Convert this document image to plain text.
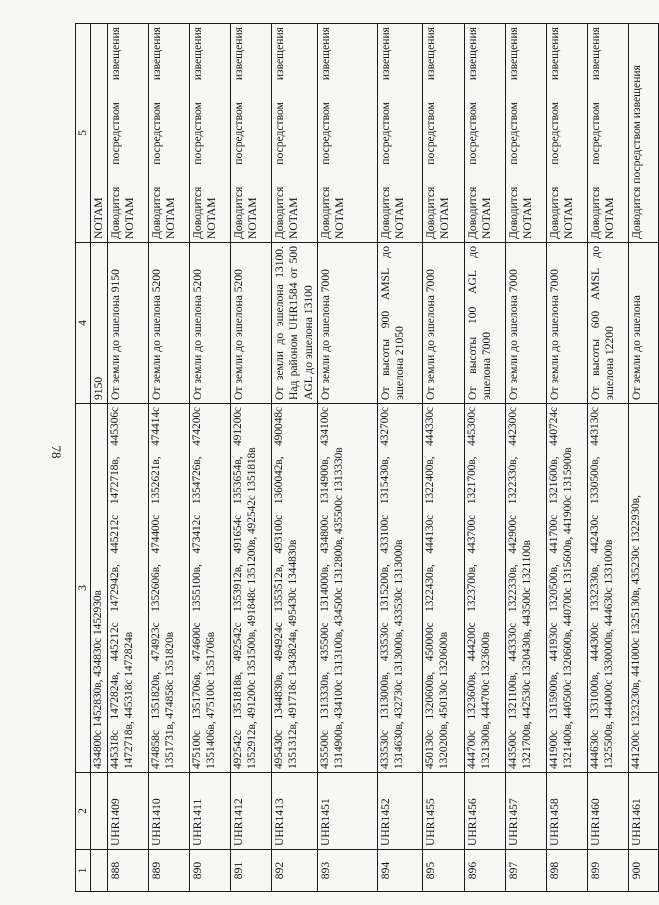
78
1	2	3	4	5
		434800с 1452830в, 434830с 1452930в	9150	NOTAM
888	UHR1409	445318с 1472824в, 445212с 1472942в, 445212с 1472718в, 445306с 1472718в, 445318с 1472824в	От земли до эшелона 9150	Доводится посредством извещения NOTAM
889	UHR1410	474858с 1351820в, 474923с 1352606в, 474400с 1352621в, 474414с 1351731в, 474858с 1351820в	От земли до эшелона 5200	Доводится посредством извещения NOTAM
890	UHR1411	475100с 1351706в, 474600с 1355100в, 473412с 1354726в, 474200с 1351406в, 475100с 1351706в	От земли до эшелона 5200	Доводится посредством извещения NOTAM
891	UHR1412	492542с 1351818в, 492542с 1353912в, 491654с 1353654в, 491200с 1352912в, 491200с 1351500в, 491848с 1351200в, 492542с 1351818в	От земли до эшелона 5200	Доводится посредством извещения NOTAM
892	UHR1413	495430с 1344830в, 494924с 1353512в, 493100с 1360042в, 490048с 1351312в, 491718с 1343824в, 495430с 1344830в	От земли до эшелона 13100. Над районом UHR1584 от 500 AGL до эшелона 13100	Доводится посредством извещения NOTAM
893	UHR1451	435500с 1313330в, 435500с 1314000в, 434800с 1314900в, 434100с 1314900в, 434100с 1313100в, 434500с 1312800в, 435500с 1313330в	От земли до эшелона 7000	Доводится посредством извещения NOTAM
894	UHR1452	433530с 1313000в, 433530с 1315200в, 433100с 1315430в, 432700с 1314630в, 432730с 1313000в, 433530с 1313000в	От высоты 900 AMSL до эшелона 21050	Доводится посредством извещения NOTAM
895	UHR1455	450130с 1320600в, 450000с 1322430в, 444130с 1322400в, 444330с 1320200в, 450130с 1320600в	От земли до эшелона 7000	Доводится посредством извещения NOTAM
896	UHR1456	444700с 1323600в, 444200с 1323700в, 443700с 1321700в, 445300с 1321300в, 444700с 1323600в	От высоты 100 AGL до эшелона 7000	Доводится посредством извещения NOTAM
897	UHR1457	443500с 1321100в, 443330с 1322330в, 442900с 1322330в, 442300с 1321700в, 442530с 1320430в, 443500с 1321100в	От земли до эшелона 7000	Доводится посредством извещения NOTAM
898	UHR1458	441900с 1315900в, 441930с 1320500в, 441700с 1321600в, 440724с 1321400в, 440500с 1320600в, 440700с 1315600в, 441900с 1315900в	От земли до эшелона 7000	Доводится посредством извещения NOTAM
899	UHR1460	444630с 1331000в, 444300с 1332330в, 442430с 1330500в, 443130с 1325500в, 444000с 1330000в, 444630с 1331000в	От высоты 600 AMSL до эшелона 12200	Доводится посредством извещения NOTAM
900	UHR1461	441200с 1323230в, 441000с 1325130в, 435230с 1322930в,	От земли до эшелона	Доводится посредством извещения
